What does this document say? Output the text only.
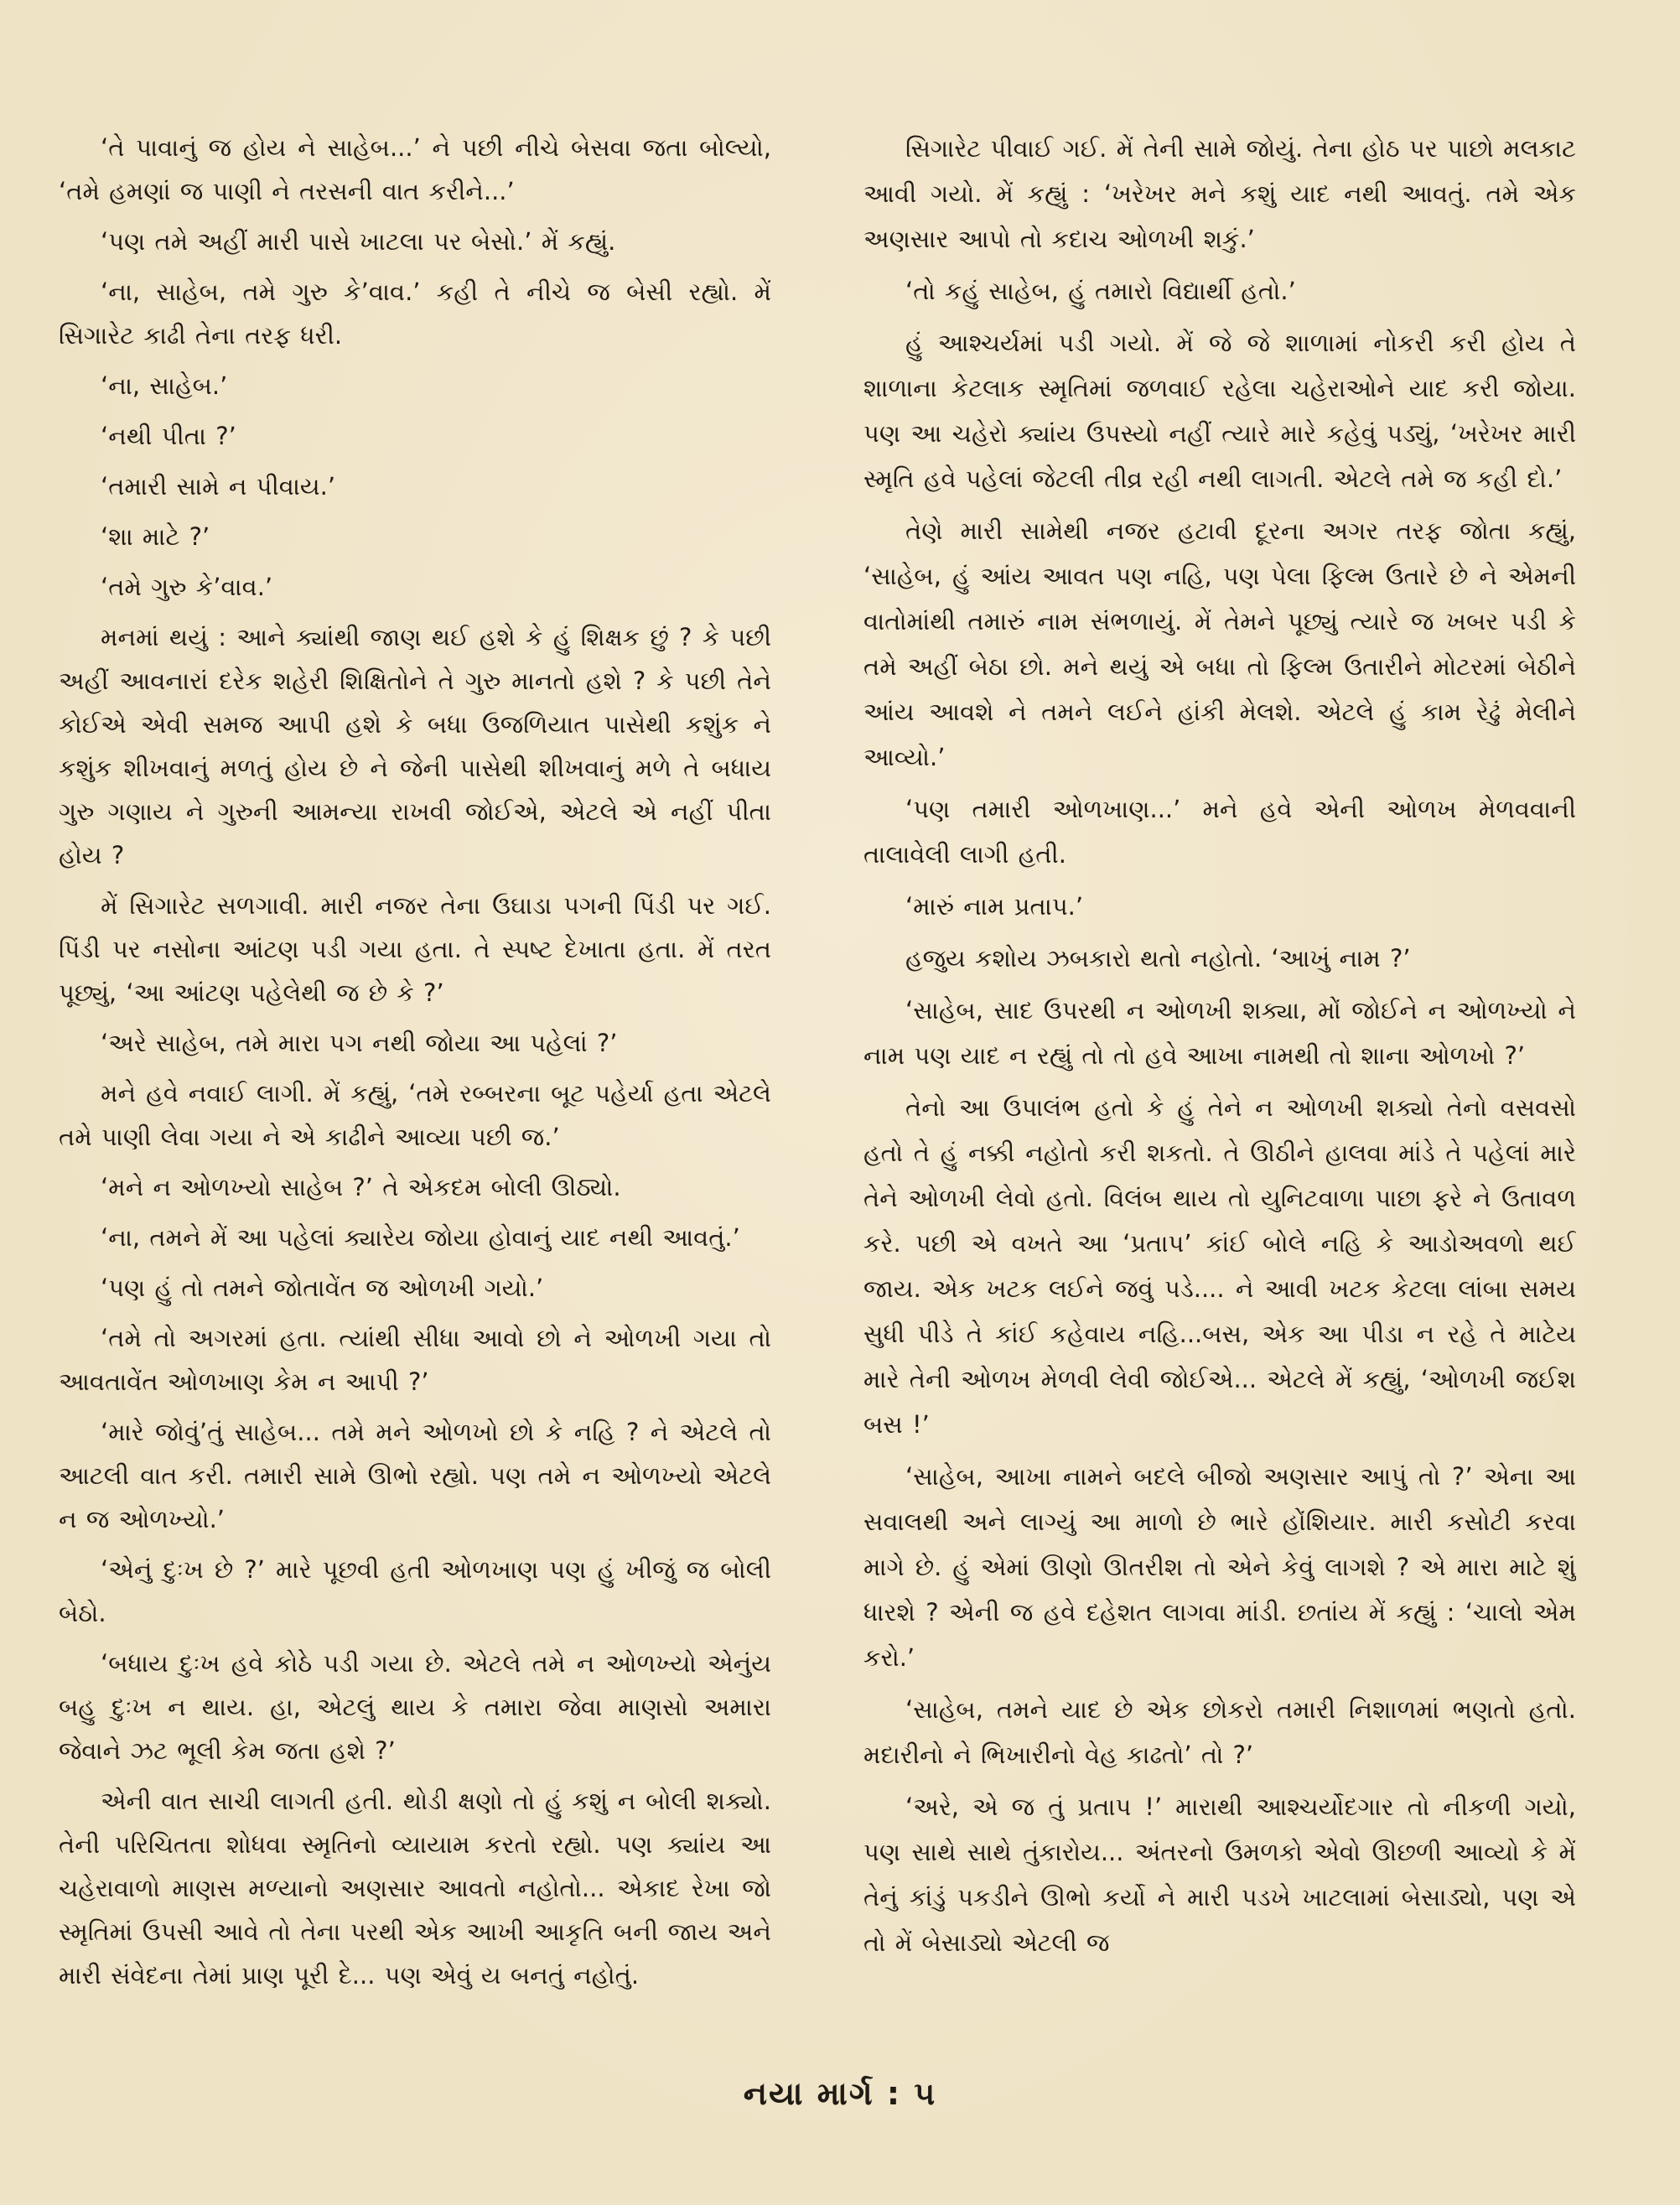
‘તે પાવાનું જ હોય ને સાહેબ...’ ને પછી નીચે બેસવા જતા બોલ્યો, ‘તમે હમણાં જ પાણી ને તરસની વાત કરીને...’

‘પણ તમે અહીં મારી પાસે ખાટલા પર બેસો.’ મેં કહ્યું.

‘ના, સાહેબ, તમે ગુરુ કે’વાવ.’ કહી તે નીચે જ બેસી રહ્યો. મેં સિગારેટ કાઢી તેના તરફ ધરી.

‘ના, સાહેબ.’

‘નથી પીતા ?’

‘તમારી સામે ન પીવાય.’

‘શા માટે ?’

‘તમે ગુરુ કે’વાવ.’

મનમાં થયું : આને ક્યાંથી જાણ થઈ હશે કે હું શિક્ષક છું ? કે પછી અહીં આવનારાં દરેક શહેરી શિક્ષિતોને તે ગુરુ માનતો હશે ? કે પછી તેને કોઈએ એવી સમજ આપી હશે કે બધા ઉજળિયાત પાસેથી કશુંક ને કશુંક શીખવાનું મળતું હોય છે ને જેની પાસેથી શીખવાનું મળે તે બધાય ગુરુ ગણાય ને ગુરુની આમન્યા રાખવી જોઈએ, એટલે એ નહીં પીતા હોય ?

મેં સિગારેટ સળગાવી. મારી નજર તેના ઉઘાડા પગની પિંડી પર ગઈ. પિંડી પર નસોના આંટણ પડી ગયા હતા. તે સ્પષ્ટ દેખાતા હતા. મેં તરત પૂછ્યું, ‘આ આંટણ પહેલેથી જ છે કે ?’

‘અરે સાહેબ, તમે મારા પગ નથી જોયા આ પહેલાં ?’

મને હવે નવાઈ લાગી. મેં કહ્યું, ‘તમે રબ્બરના બૂટ પહેર્યા હતા એટલે તમે પાણી લેવા ગયા ને એ કાઢીને આવ્યા પછી જ.’

‘મને ન ઓળખ્યો સાહેબ ?’ તે એકદમ બોલી ઊઠ્યો.

‘ના, તમને મેં આ પહેલાં ક્યારેય જોયા હોવાનું યાદ નથી આવતું.’

‘પણ હું તો તમને જોતાવેંત જ ઓળખી ગયો.’

‘તમે તો અગરમાં હતા. ત્યાંથી સીધા આવો છો ને ઓળખી ગયા તો આવતાવેંત ઓળખાણ કેમ ન આપી ?’

‘મારે જોવું’તું સાહેબ... તમે મને ઓળખો છો કે નહિ ? ને એટલે તો આટલી વાત કરી. તમારી સામે ઊભો રહ્યો. પણ તમે ન ઓળખ્યો એટલે ન જ ઓળખ્યો.’

‘એનું દુઃખ છે ?’ મારે પૂછવી હતી ઓળખાણ પણ હું ખીજું જ બોલી બેઠો.

‘બધાય દુઃખ હવે કોઠે પડી ગયા છે. એટલે તમે ન ઓળખ્યો એનુંય બહુ દુઃખ ન થાય. હા, એટલું થાય કે તમારા જેવા માણસો અમારા જેવાને ઝટ ભૂલી કેમ જતા હશે ?’

એની વાત સાચી લાગતી હતી. થોડી ક્ષણો તો હું કશું ન બોલી શક્યો. તેની પરિચિતતા શોધવા સ્મૃતિનો વ્યાયામ કરતો રહ્યો. પણ ક્યાંય આ ચહેરાવાળો માણસ મળ્યાનો અણસાર આવતો નહોતો... એકાદ રેખા જો સ્મૃતિમાં ઉપસી આવે તો તેના પરથી એક આખી આકૃતિ બની જાય અને મારી સંવેદના તેમાં પ્રાણ પૂરી દે... પણ એવું ય બનતું નહોતું.

સિગારેટ પીવાઈ ગઈ. મેં તેની સામે જોયું. તેના હોઠ પર પાછો મલકાટ આવી ગયો. મેં કહ્યું : ‘ખરેખર મને કશું યાદ નથી આવતું. તમે એક અણસાર આપો તો કદાચ ઓળખી શકું.’

‘તો કહું સાહેબ, હું તમારો વિદ્યાર્થી હતો.’

હું આશ્ચર્યમાં પડી ગયો. મેં જે જે શાળામાં નોકરી કરી હોય તે શાળાના કેટલાક સ્મૃતિમાં જળવાઈ રહેલા ચહેરાઓને યાદ કરી જોયા. પણ આ ચહેરો ક્યાંય ઉપસ્યો નહીં ત્યારે મારે કહેવું પડ્યું, ‘ખરેખર મારી સ્મૃતિ હવે પહેલાં જેટલી તીવ્ર રહી નથી લાગતી. એટલે તમે જ કહી દો.’

તેણે મારી સામેથી નજર હટાવી દૂરના અગર તરફ જોતા કહ્યું, ‘સાહેબ, હું આંય આવત પણ નહિ, પણ પેલા ફિલ્મ ઉતારે છે ને એમની વાતોમાંથી તમારું નામ સંભળાયું. મેં તેમને પૂછ્યું ત્યારે જ ખબર પડી કે તમે અહીં બેઠા છો. મને થયું એ બધા તો ફિલ્મ ઉતારીને મોટરમાં બેઠીને આંય આવશે ને તમને લઈને હાંકી મેલશે. એટલે હું કામ રેઢું મેલીને આવ્યો.’

‘પણ તમારી ઓળખાણ...’ મને હવે એની ઓળખ મેળવવાની તાલાવેલી લાગી હતી.

‘મારું નામ પ્રતાપ.’

હજુય કશોય ઝબકારો થતો નહોતો. ‘આખું નામ ?’

‘સાહેબ, સાદ ઉપરથી ન ઓળખી શક્યા, મોં જોઈને ન ઓળખ્યો ને નામ પણ યાદ ન રહ્યું તો તો હવે આખા નામથી તો શાના ઓળખો ?’

તેનો આ ઉપાલંભ હતો કે હું તેને ન ઓળખી શક્યો તેનો વસવસો હતો તે હું નક્કી નહોતો કરી શકતો. તે ઊઠીને હાલવા માંડે તે પહેલાં મારે તેને ઓળખી લેવો હતો. વિલંબ થાય તો યુનિટવાળા પાછા ફરે ને ઉતાવળ કરે. પછી એ વખતે આ ‘પ્રતાપ’ કાંઈ બોલે નહિ કે આડોઅવળો થઈ જાય. એક ખટક લઈને જવું પડે.... ને આવી ખટક કેટલા લાંબા સમય સુધી પીડે તે કાંઈ કહેવાય નહિ...બસ, એક આ પીડા ન રહે તે માટેય મારે તેની ઓળખ મેળવી લેવી જોઈએ... એટલે મેં કહ્યું, ‘ઓળખી જઈશ બસ !’

‘સાહેબ, આખા નામને બદલે બીજો અણસાર આપું તો ?’ એના આ સવાલથી અને લાગ્યું આ માળો છે ભારે હોંશિયાર. મારી કસોટી કરવા માગે છે. હું એમાં ઊણો ઊતરીશ તો એને કેવું લાગશે ? એ મારા માટે શું ધારશે ? એની જ હવે દહેશત લાગવા માંડી. છતાંય મેં કહ્યું : ‘ચાલો એમ કરો.’

‘સાહેબ, તમને યાદ છે એક છોકરો તમારી નિશાળમાં ભણતો હતો. મદારીનો ને ભિખારીનો વેહ કાઢતો’ તો ?’

‘અરે, એ જ તું પ્રતાપ !’ મારાથી આશ્ચર્યોદગાર તો નીકળી ગયો, પણ સાથે સાથે તુંકારોય... અંતરનો ઉમળકો એવો ઊછળી આવ્યો કે મેં તેનું કાંડું પકડીને ઊભો કર્યો ને મારી પડખે ખાટલામાં બેસાડ્યો, પણ એ તો મેં બેસાડ્યો એટલી જ

નયા માર્ગ : ૫
